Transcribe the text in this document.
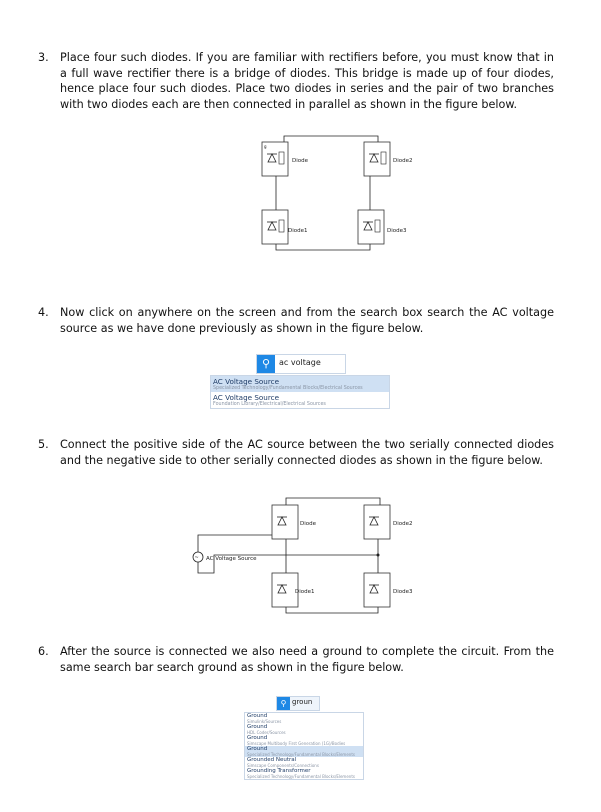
3.	Place four such diodes. If you are familiar with rectifiers before, you must know that in a full wave rectifier there is a bridge of diodes. This bridge is made up of four diodes, hence place four such diodes. Place two diodes in series and the pair of two branches with two diodes each are then connected in parallel as shown in the figure below.
g
Diode	Diode2
Diode1	Diode3
4.	Now click on anywhere on the screen and from the search box search the AC voltage source as we have done previously as shown in the figure below.
⚲	ac voltage
AC Voltage Source
Specialized Technology/Fundamental Blocks/Electrical Sources
AC Voltage Source
Foundation Library/Electrical/Electrical Sources
5.	Connect the positive side of the AC source between the two serially connected diodes and the negative side to other serially connected diodes as shown in the figure below.
~ AC Voltage Source
Diode	Diode2
Diode1	Diode3
6.	After the source is connected we also need a ground to complete the circuit. From the same search bar search ground as shown in the figure below.
⚲ groun
Ground
Simulink/Sources
Ground
HDL Coder/Sources
Ground
Simscape Multibody First Generation (1G)/Bodies
Ground
Specialized Technology/Fundamental Blocks/Elements
Grounded Neutral
Simscape Components/Connections
Grounding Transformer
Specialized Technology/Fundamental Blocks/Elements
